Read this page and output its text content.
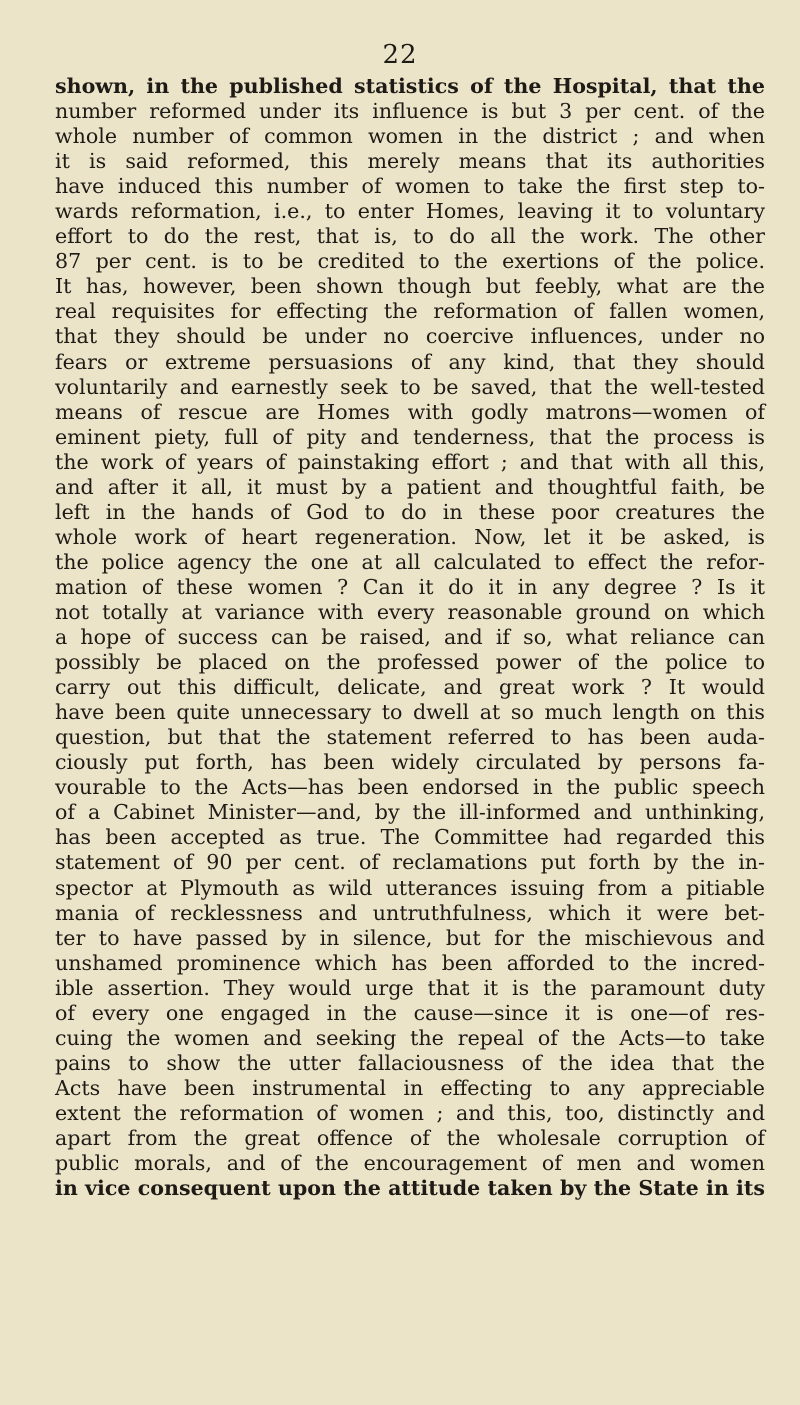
22
shown, in the published statistics of the Hospital, that the
number reformed under its influence is but 3 per cent. of the
whole number of common women in the district ; and when
it is said reformed, this merely means that its authorities
have induced this number of women to take the first step to-
wards reformation, i.e., to enter Homes, leaving it to voluntary
effort to do the rest, that is, to do all the work. The other
87 per cent. is to be credited to the exertions of the police.
It has, however, been shown though but feebly, what are the
real requisites for effecting the reformation of fallen women,
that they should be under no coercive influences, under no
fears or extreme persuasions of any kind, that they should
voluntarily and earnestly seek to be saved, that the well-tested
means of rescue are Homes with godly matrons—women of
eminent piety, full of pity and tenderness, that the process is
the work of years of painstaking effort ; and that with all this,
and after it all, it must by a patient and thoughtful faith, be
left in the hands of God to do in these poor creatures the
whole work of heart regeneration. Now, let it be asked, is
the police agency the one at all calculated to effect the refor-
mation of these women ? Can it do it in any degree ? Is it
not totally at variance with every reasonable ground on which
a hope of success can be raised, and if so, what reliance can
possibly be placed on the professed power of the police to
carry out this difficult, delicate, and great work ? It would
have been quite unnecessary to dwell at so much length on this
question, but that the statement referred to has been auda-
ciously put forth, has been widely circulated by persons fa-
vourable to the Acts—has been endorsed in the public speech
of a Cabinet Minister—and, by the ill-informed and unthinking,
has been accepted as true. The Committee had regarded this
statement of 90 per cent. of reclamations put forth by the in-
spector at Plymouth as wild utterances issuing from a pitiable
mania of recklessness and untruthfulness, which it were bet-
ter to have passed by in silence, but for the mischievous and
unshamed prominence which has been afforded to the incred-
ible assertion. They would urge that it is the paramount duty
of every one engaged in the cause—since it is one—of res-
cuing the women and seeking the repeal of the Acts—to take
pains to show the utter fallaciousness of the idea that the
Acts have been instrumental in effecting to any appreciable
extent the reformation of women ; and this, too, distinctly and
apart from the great offence of the wholesale corruption of
public morals, and of the encouragement of men and women
in vice consequent upon the attitude taken by the State in its
